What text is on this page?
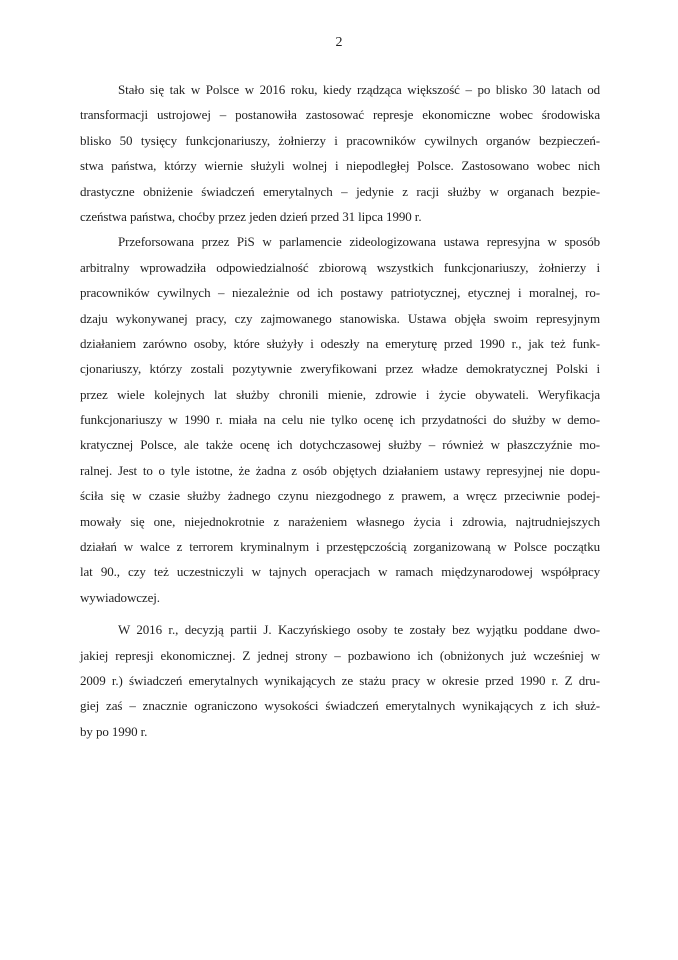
2

Stało się tak w Polsce w 2016 roku, kiedy rządząca większość – po blisko 30 latach od
transformacji ustrojowej – postanowiła zastosować represje ekonomiczne wobec środowiska
blisko 50 tysięcy funkcjonariuszy, żołnierzy i pracowników cywilnych organów bezpieczeń-
stwa państwa, którzy wiernie służyli wolnej i niepodległej Polsce. Zastosowano wobec nich
drastyczne obniżenie świadczeń emerytalnych – jedynie z racji służby w organach bezpie-
czeństwa państwa, choćby przez jeden dzień przed 31 lipca 1990 r.

Przeforsowana przez PiS w parlamencie zideologizowana ustawa represyjna w sposób
arbitralny wprowadziła odpowiedzialność zbiorową wszystkich funkcjonariuszy, żołnierzy i
pracowników cywilnych – niezależnie od ich postawy patriotycznej, etycznej i moralnej, ro-
dzaju wykonywanej pracy, czy zajmowanego stanowiska. Ustawa objęła swoim represyjnym
działaniem zarówno osoby, które służyły i odeszły na emeryturę przed 1990 r., jak też funk-
cjonariuszy, którzy zostali pozytywnie zweryfikowani przez władze demokratycznej Polski i
przez wiele kolejnych lat służby chronili mienie, zdrowie i życie obywateli. Weryfikacja
funkcjonariuszy w 1990 r. miała na celu nie tylko ocenę ich przydatności do służby w demo-
kratycznej Polsce, ale także ocenę ich dotychczasowej służby – również w płaszczyźnie mo-
ralnej. Jest to o tyle istotne, że żadna z osób objętych działaniem ustawy represyjnej nie dopu-
ściła się w czasie służby żadnego czynu niezgodnego z prawem, a wręcz przeciwnie podej-
mowały się one, niejednokrotnie z narażeniem własnego życia i zdrowia, najtrudniejszych
działań w walce z terrorem kryminalnym i przestępczością zorganizowaną w Polsce początku
lat 90., czy też uczestniczyli w tajnych operacjach w ramach międzynarodowej współpracy
wywiadowczej.

W 2016 r., decyzją partii J. Kaczyńskiego osoby te zostały bez wyjątku poddane dwo-
jakiej represji ekonomicznej. Z jednej strony – pozbawiono ich (obniżonych już wcześniej w
2009 r.) świadczeń emerytalnych wynikających ze stażu pracy w okresie przed 1990 r. Z dru-
giej zaś – znacznie ograniczono wysokości świadczeń emerytalnych wynikających z ich służ-
by po 1990 r.
